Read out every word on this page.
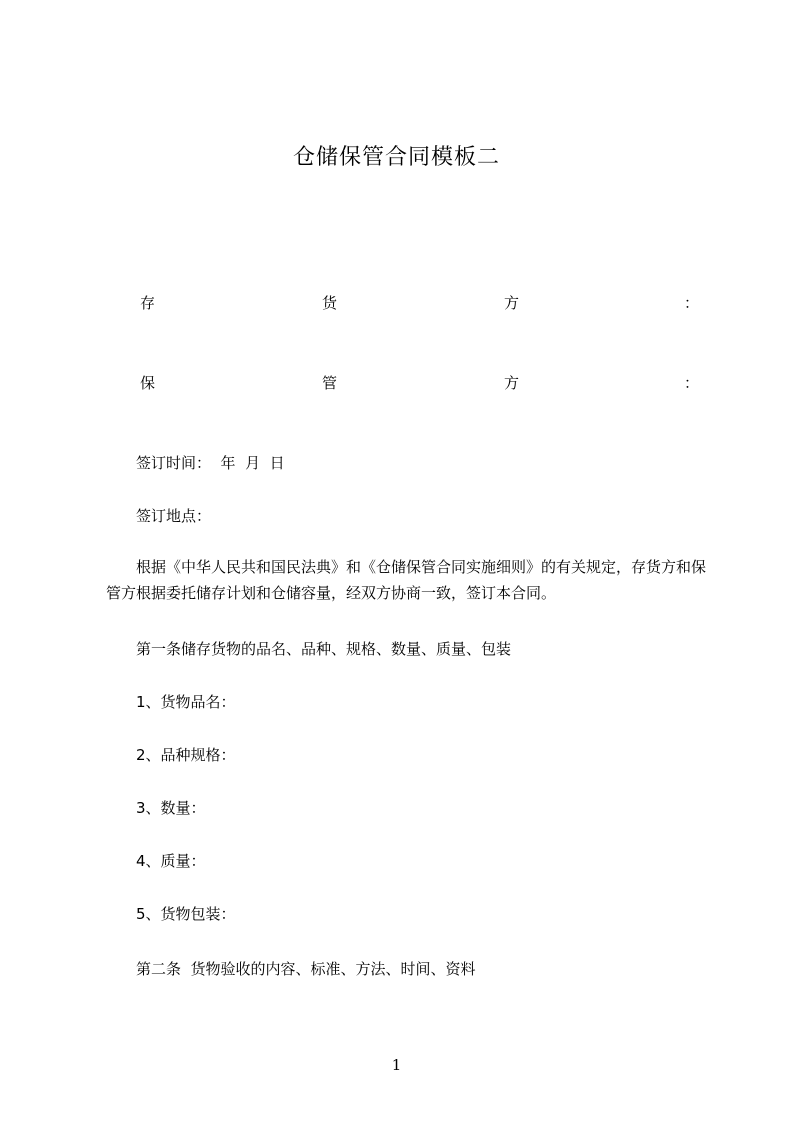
仓储保管合同模板二
存	货	方	：
保	管	方	：
签订时间：  年  月  日
签订地点：
根据《中华人民共和国民法典》和《仓储保管合同实施细则》的有关规定，存货方和保管方根据委托储存计划和仓储容量，经双方协商一致，签订本合同。
第一条储存货物的品名、品种、规格、数量、质量、包装
1、货物品名：
2、品种规格：
3、数量：
4、质量：
5、货物包装：
第二条  货物验收的内容、标准、方法、时间、资料
1
